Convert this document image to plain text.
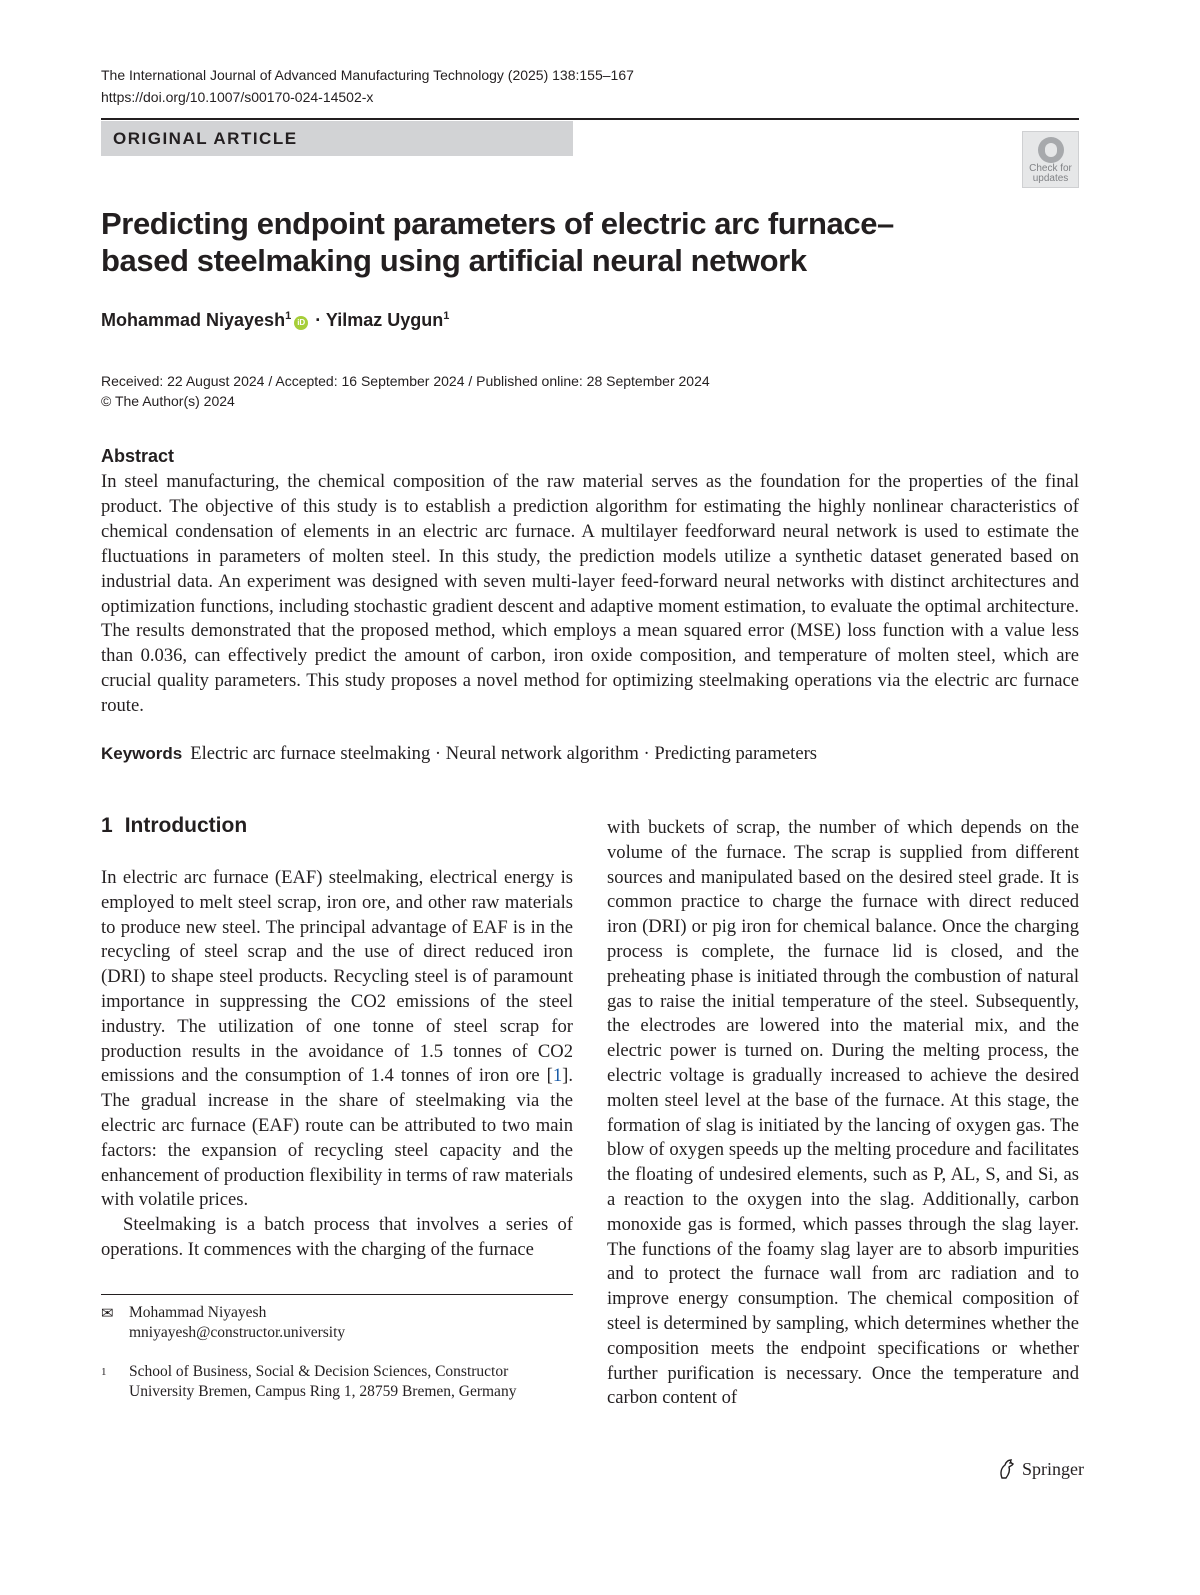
The International Journal of Advanced Manufacturing Technology (2025) 138:155–167
https://doi.org/10.1007/s00170-024-14502-x
ORIGINAL ARTICLE
Check for
updates
Predicting endpoint parameters of electric arc furnace–based steelmaking using artificial neural network
Mohammad Niyayesh$^1$iD · Yilmaz Uygun$^1$
Received: 22 August 2024 / Accepted: 16 September 2024 / Published online: 28 September 2024
© The Author(s) 2024
Abstract

In steel manufacturing, the chemical composition of the raw material serves as the foundation for the properties of the final product. The objective of this study is to establish a prediction algorithm for estimating the highly nonlinear characteristics of chemical condensation of elements in an electric arc furnace. A multilayer feedforward neural network is used to estimate the fluctuations in parameters of molten steel. In this study, the prediction models utilize a synthetic dataset generated based on industrial data. An experiment was designed with seven multi-layer feed-forward neural networks with distinct architectures and optimization functions, including stochastic gradient descent and adaptive moment estimation, to evaluate the optimal architecture. The results demonstrated that the proposed method, which employs a mean squared error (MSE) loss function with a value less than 0.036, can effectively predict the amount of carbon, iron oxide composition, and temperature of molten steel, which are crucial quality parameters. This study proposes a novel method for optimizing steelmaking operations via the electric arc furnace route.

Keywords Electric arc furnace steelmaking · Neural network algorithm · Predicting parameters
1 Introduction

In electric arc furnace (EAF) steelmaking, electrical energy is employed to melt steel scrap, iron ore, and other raw materials to produce new steel. The principal advantage of EAF is in the recycling of steel scrap and the use of direct reduced iron (DRI) to shape steel products. Recycling steel is of paramount importance in suppressing the CO2 emissions of the steel industry. The utilization of one tonne of steel scrap for production results in the avoidance of 1.5 tonnes of CO2 emissions and the consumption of 1.4 tonnes of iron ore [1]. The gradual increase in the share of steelmaking via the electric arc furnace (EAF) route can be attributed to two main factors: the expansion of recycling steel capacity and the enhancement of production flexibility in terms of raw materials with volatile prices.

Steelmaking is a batch process that involves a series of operations. It commences with the charging of the furnace

with buckets of scrap, the number of which depends on the volume of the furnace. The scrap is supplied from different sources and manipulated based on the desired steel grade. It is common practice to charge the furnace with direct reduced iron (DRI) or pig iron for chemical balance. Once the charging process is complete, the furnace lid is closed, and the preheating phase is initiated through the combustion of natural gas to raise the initial temperature of the steel. Subsequently, the electrodes are lowered into the material mix, and the electric power is turned on. During the melting process, the electric voltage is gradually increased to achieve the desired molten steel level at the base of the furnace. At this stage, the formation of slag is initiated by the lancing of oxygen gas. The blow of oxygen speeds up the melting procedure and facilitates the floating of undesired elements, such as P, AL, S, and Si, as a reaction to the oxygen into the slag. Additionally, carbon monoxide gas is formed, which passes through the slag layer. The functions of the foamy slag layer are to absorb impurities and to protect the furnace wall from arc radiation and to improve energy consumption. The chemical composition of steel is determined by sampling, which determines whether the composition meets the endpoint specifications or whether further purification is necessary. Once the temperature and carbon content of

✉ Mohammad Niyayesh
mniyayesh@constructor.university
1 School of Business, Social & Decision Sciences, Constructor University Bremen, Campus Ring 1, 28759 Bremen, Germany
Springer
